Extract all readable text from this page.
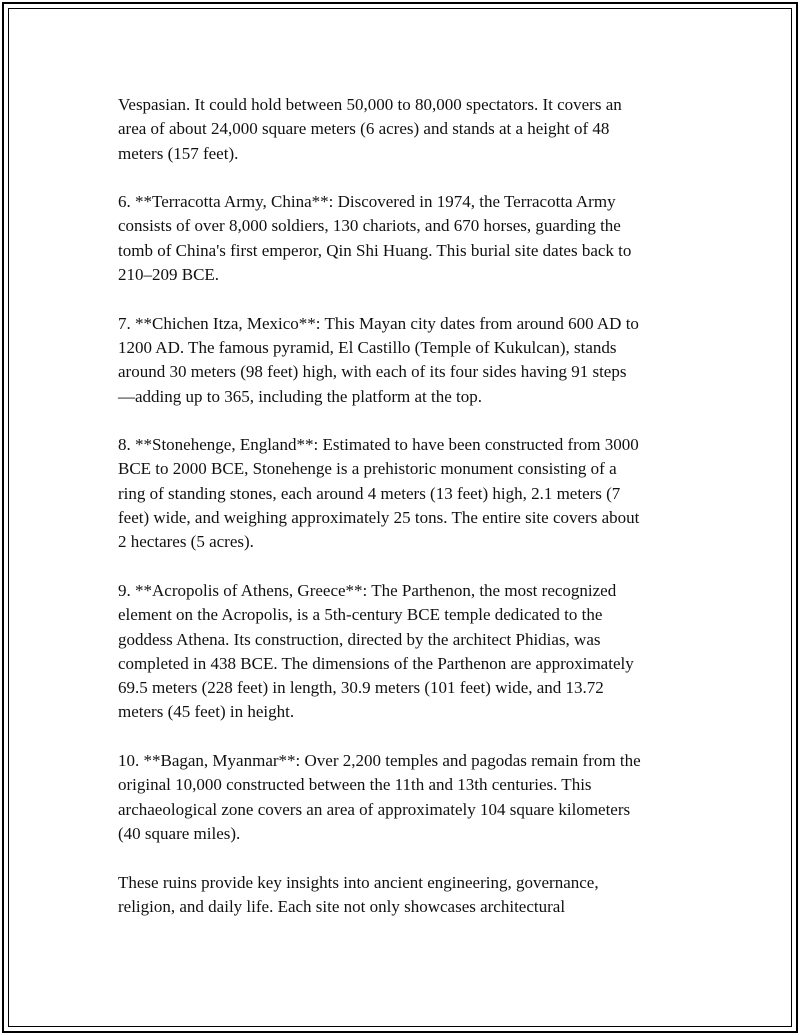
Vespasian. It could hold between 50,000 to 80,000 spectators. It covers an
area of about 24,000 square meters (6 acres) and stands at a height of 48
meters (157 feet).

6. **Terracotta Army, China**: Discovered in 1974, the Terracotta Army
consists of over 8,000 soldiers, 130 chariots, and 670 horses, guarding the
tomb of China's first emperor, Qin Shi Huang. This burial site dates back to
210–209 BCE.

7. **Chichen Itza, Mexico**: This Mayan city dates from around 600 AD to
1200 AD. The famous pyramid, El Castillo (Temple of Kukulcan), stands
around 30 meters (98 feet) high, with each of its four sides having 91 steps
—adding up to 365, including the platform at the top.

8. **Stonehenge, England**: Estimated to have been constructed from 3000
BCE to 2000 BCE, Stonehenge is a prehistoric monument consisting of a
ring of standing stones, each around 4 meters (13 feet) high, 2.1 meters (7
feet) wide, and weighing approximately 25 tons. The entire site covers about
2 hectares (5 acres).

9. **Acropolis of Athens, Greece**: The Parthenon, the most recognized
element on the Acropolis, is a 5th-century BCE temple dedicated to the
goddess Athena. Its construction, directed by the architect Phidias, was
completed in 438 BCE. The dimensions of the Parthenon are approximately
69.5 meters (228 feet) in length, 30.9 meters (101 feet) wide, and 13.72
meters (45 feet) in height.

10. **Bagan, Myanmar**: Over 2,200 temples and pagodas remain from the
original 10,000 constructed between the 11th and 13th centuries. This
archaeological zone covers an area of approximately 104 square kilometers
(40 square miles).

These ruins provide key insights into ancient engineering, governance,
religion, and daily life. Each site not only showcases architectural
